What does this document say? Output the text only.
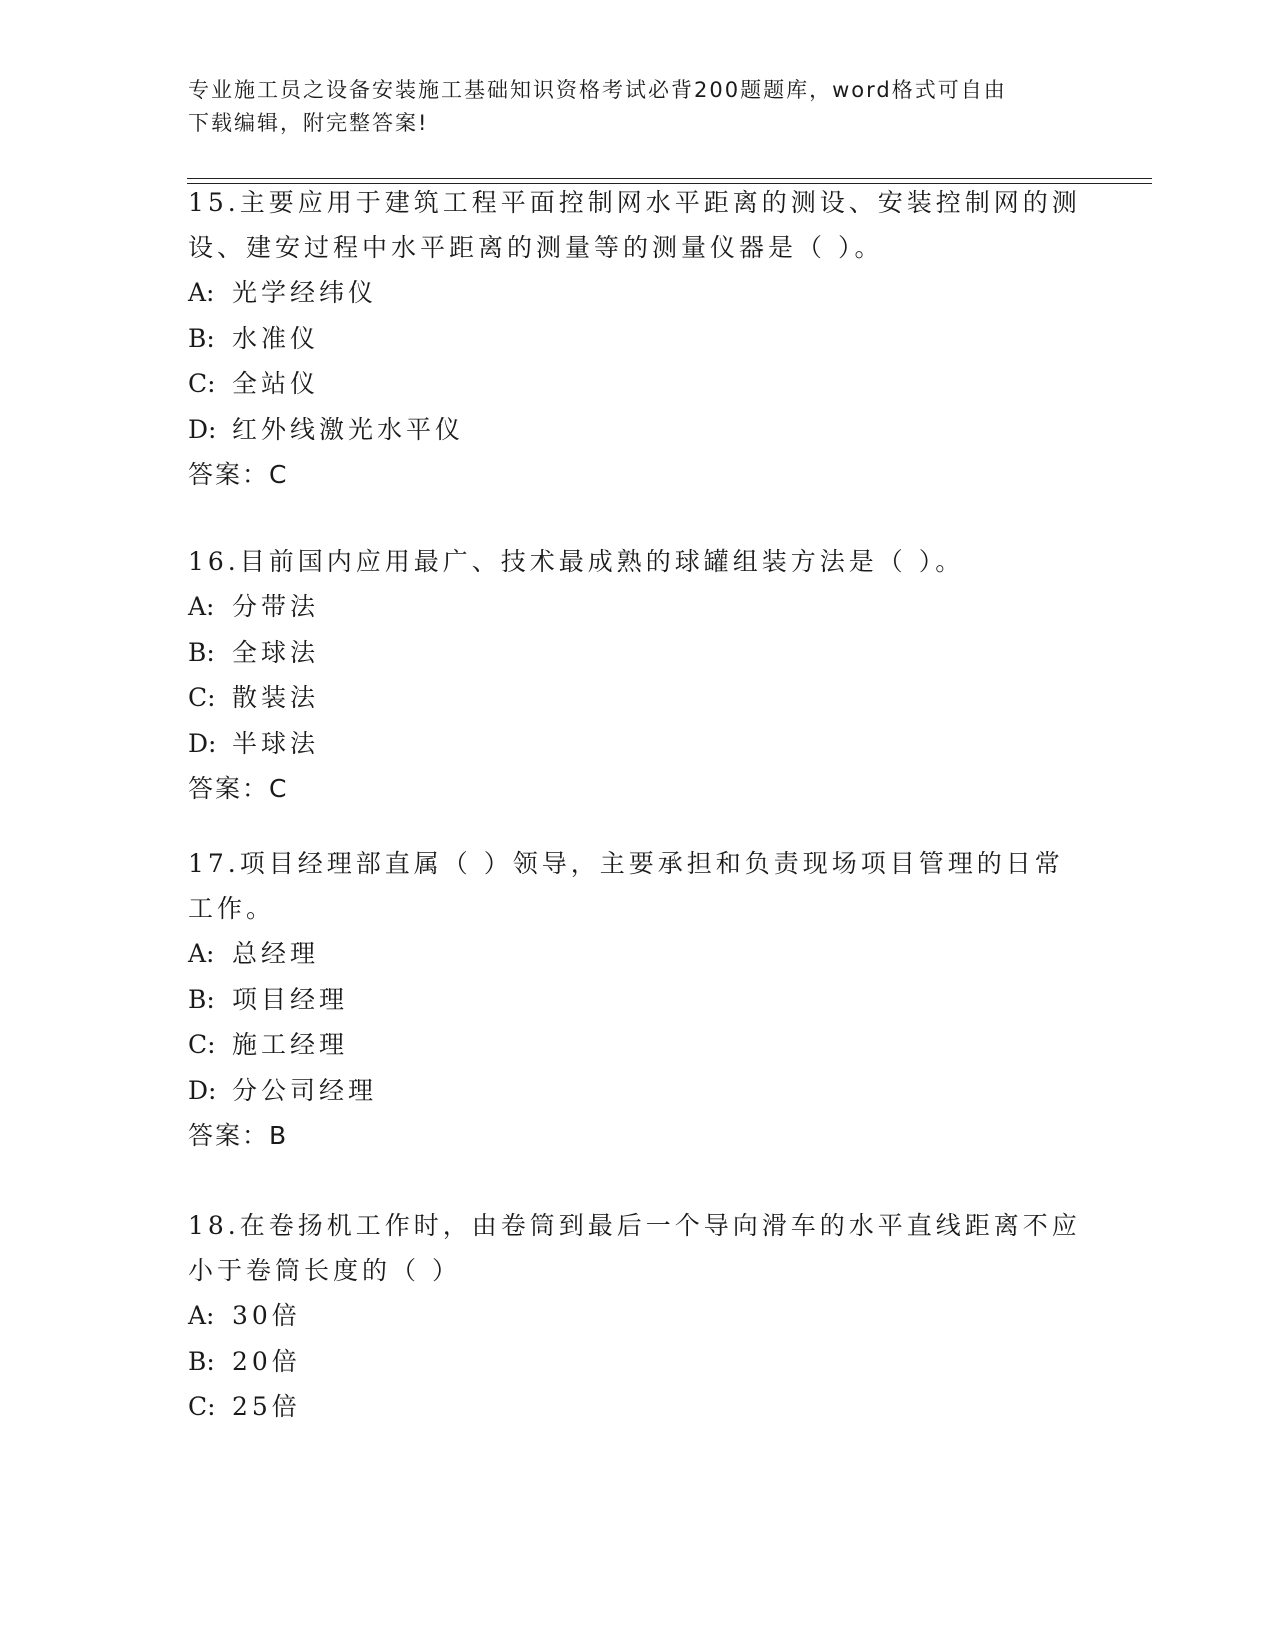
专业施工员之设备安装施工基础知识资格考试必背200题题库，word格式可自由
下载编辑，附完整答案!
15.主要应用于建筑工程平面控制网水平距离的测设、安装控制网的测
设、建安过程中水平距离的测量等的测量仪器是（ ）。
A: 光学经纬仪
B: 水准仪
C: 全站仪
D: 红外线激光水平仪
答案：C
16.目前国内应用最广、技术最成熟的球罐组装方法是（ ）。
A: 分带法
B: 全球法
C: 散装法
D: 半球法
答案：C
17.项目经理部直属（ ）领导，主要承担和负责现场项目管理的日常
工作。
A: 总经理
B: 项目经理
C: 施工经理
D: 分公司经理
答案：B
18.在卷扬机工作时，由卷筒到最后一个导向滑车的水平直线距离不应
小于卷筒长度的（ ）
A: 30倍
B: 20倍
C: 25倍
